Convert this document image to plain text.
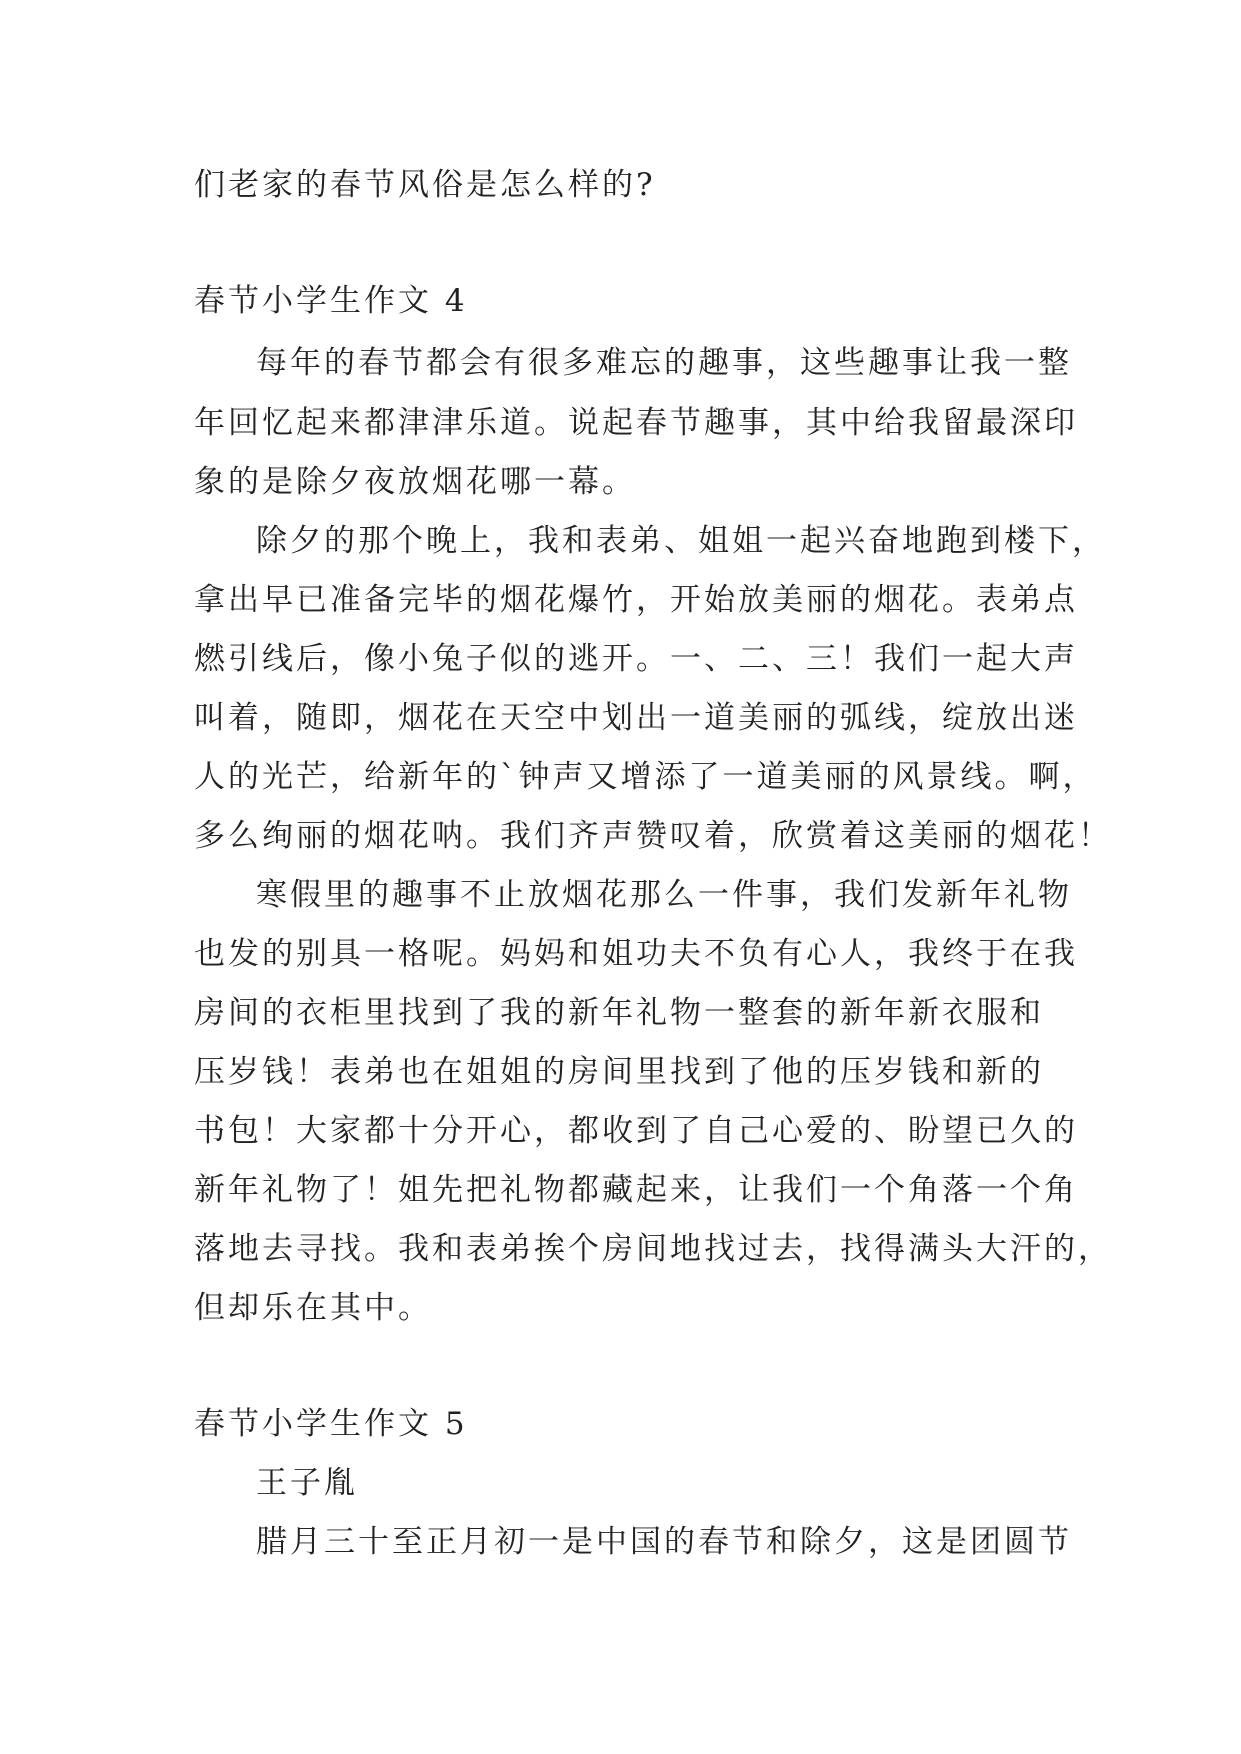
们老家的春节风俗是怎么样的?
春节小学生作文 4
每年的春节都会有很多难忘的趣事，这些趣事让我一整
年回忆起来都津津乐道。说起春节趣事，其中给我留最深印
象的是除夕夜放烟花哪一幕。
除夕的那个晚上，我和表弟、姐姐一起兴奋地跑到楼下，
拿出早已准备完毕的烟花爆竹，开始放美丽的烟花。表弟点
燃引线后，像小兔子似的逃开。一、二、三！我们一起大声
叫着，随即，烟花在天空中划出一道美丽的弧线，绽放出迷
人的光芒，给新年的`钟声又增添了一道美丽的风景线。啊，
多么绚丽的烟花呐。我们齐声赞叹着，欣赏着这美丽的烟花！
寒假里的趣事不止放烟花那么一件事，我们发新年礼物
也发的别具一格呢。妈妈和姐功夫不负有心人，我终于在我
房间的衣柜里找到了我的新年礼物一整套的新年新衣服和
压岁钱！表弟也在姐姐的房间里找到了他的压岁钱和新的
书包！大家都十分开心，都收到了自己心爱的、盼望已久的
新年礼物了！姐先把礼物都藏起来，让我们一个角落一个角
落地去寻找。我和表弟挨个房间地找过去，找得满头大汗的，
但却乐在其中。
春节小学生作文 5
王子胤
腊月三十至正月初一是中国的春节和除夕，这是团圆节
